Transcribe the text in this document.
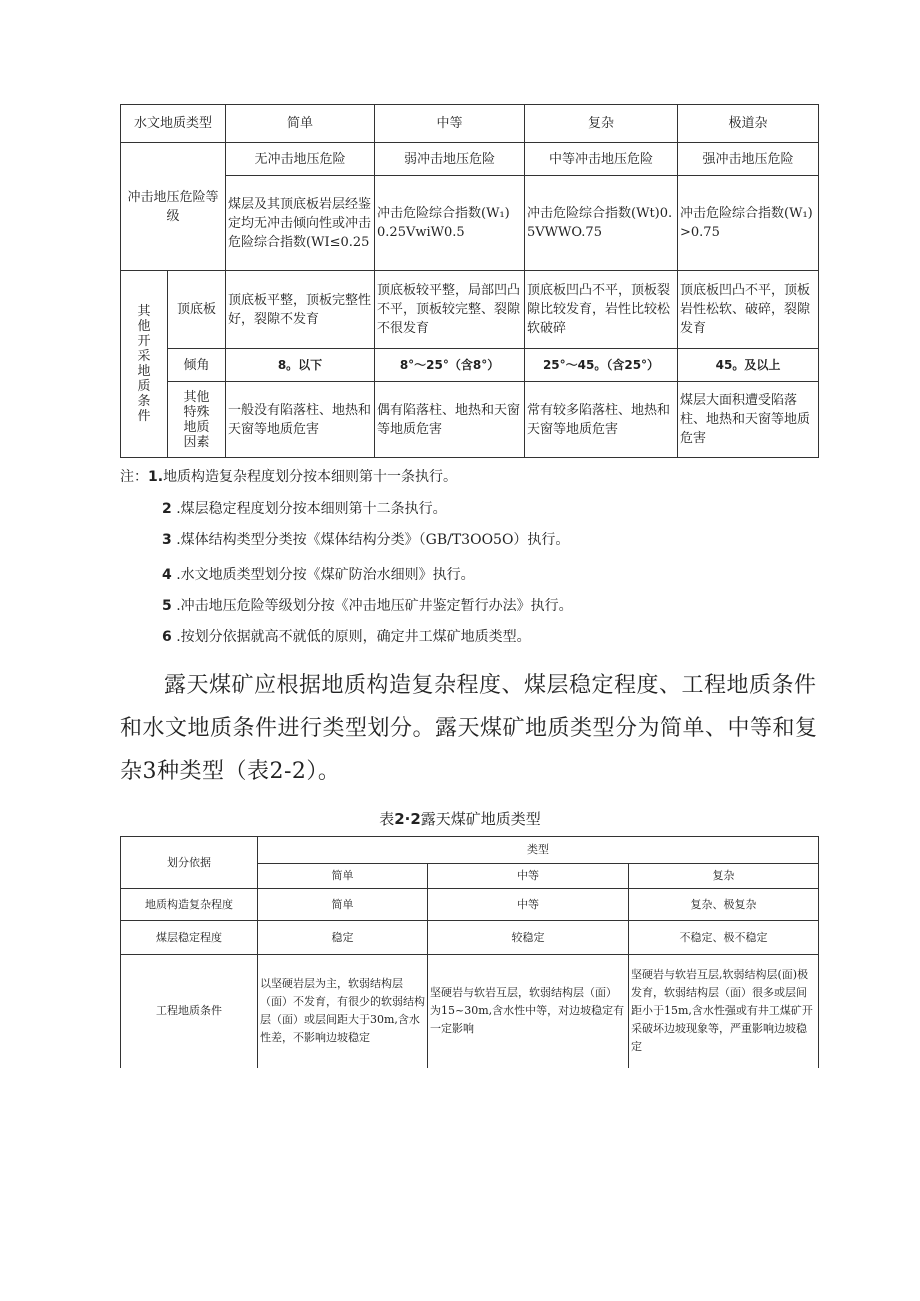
水文地质类型		简单	中等	复杂	极道杂
冲击地压危险等级		无冲击地压危险	弱冲击地压危险	中等冲击地压危险	强冲击地压危险
		煤层及其顶底板岩层经鉴定均无冲击倾向性或冲击危险综合指数(WI≤0.25	冲击危险综合指数(W₁)0.25VwiW0.5	冲击危险综合指数(Wt)0.5VWWO.75	冲击危险综合指数(W₁)>0.75

其他开采地质条件	顶底板	顶底板平整，顶板完整性好，裂隙不发育	顶底板较平整，局部凹凸不平，顶板较完整、裂隙不很发育	顶底板凹凸不平，顶板裂隙比较发育，岩性比较松软破碎	顶底板凹凸不平，顶板岩性松软、破碎，裂隙发育
	倾角	8。以下	8°〜25°（含8°）	25°〜45。（含25°）	45。及以上

	其他特殊地质因素	一般没有陷落柱、地热和天窗等地质危害	偶有陷落柱、地热和天窗等地质危害	常有较多陷落柱、地热和天窗等地质危害	煤层大面积遭受陷落柱、地热和天窗等地质危害
注：1.地质构造复杂程度划分按本细则第十一条执行。
2 .煤层稳定程度划分按本细则第十二条执行。
3 .煤体结构类型分类按《煤体结构分类》（GB/T3OO5O）执行。
4 .水文地质类型划分按《煤矿防治水细则》执行。
5 .冲击地压危险等级划分按《冲击地压矿井鉴定暂行办法》执行。
6 .按划分依据就高不就低的原则，确定井工煤矿地质类型。

露天煤矿应根据地质构造复杂程度、煤层稳定程度、工程地质条件和水文地质条件进行类型划分。露天煤矿地质类型分为简单、中等和复杂3种类型（表2-2）。

表2·2露天煤矿地质类型
划分依据	类型		
	简单	中等	复杂
地质构造复杂程度	简单	中等	复杂、极复杂
煤层稳定程度	稳定	较稳定	不稳定、极不稳定
工程地质条件	以坚硬岩层为主，软弱结构层（面）不发育，有很少的软弱结构层（面）或层间距大于30m,含水性差，不影响边坡稳定	坚硬岩与软岩互层，软弱结构层（面）为15~30m,含水性中等，对边坡稳定有一定影响	坚硬岩与软岩互层,软弱结构层(面)极发育，软弱结构层（面）很多或层间距小于15m,含水性强或有井工煤矿开采破坏边坡现象等，严重影响边坡稳定
